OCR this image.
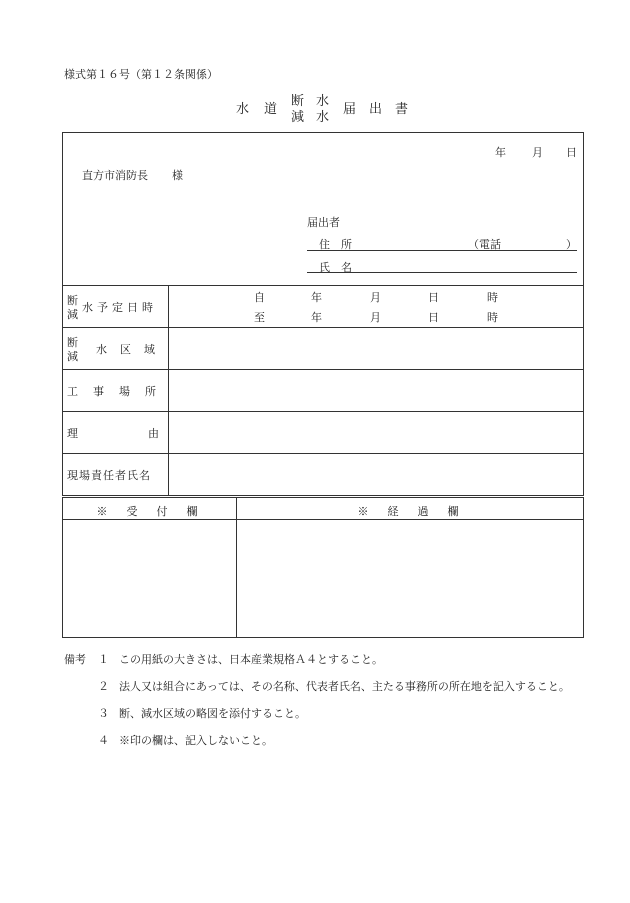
様式第１６号（第１２条関係）
水 道
断 水
減 水
届 出 書
年 月 日
直方市消防長 様
届出者
住　所	（電話	）
氏　名
断
減
水予定日時
自	年	月	日	時
至	年	月	日	時
断
減
水区域
工事場所
理由
現場責任者氏名
※　受　付　欄	※　経　過　欄
備考 １ この用紙の大きさは、日本産業規格Ａ４とすること。
２ 法人又は組合にあっては、その名称、代表者氏名、主たる事務所の所在地を記入すること。
３ 断、減水区域の略図を添付すること。
４ ※印の欄は、記入しないこと。
